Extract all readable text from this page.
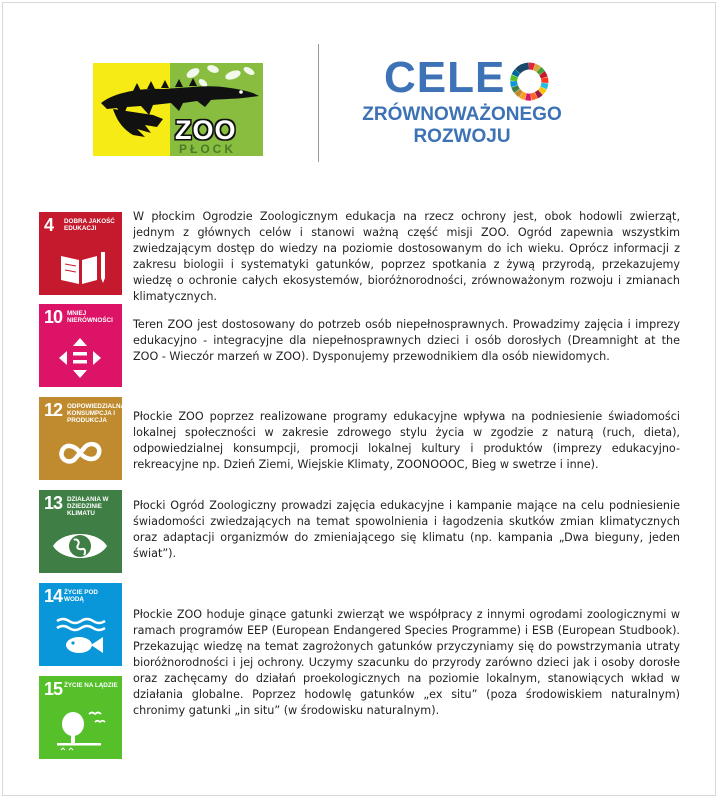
ZOO
PŁOCK
CELE
ZRÓWNOWAŻONEGO
ROZWOJU
4 DOBRA JAKOŚĆ EDUKACJI
10 MNIEJ NIERÓWNOŚCI
12 ODPOWIEDZIALNA KONSUMPCJA I PRODUKCJA
13 DZIAŁANIA W DZIEDZINIE KLIMATU
14 ŻYCIE POD WODĄ
15 ŻYCIE NA LĄDZIE

W płockim Ogrodzie Zoologicznym edukacja na rzecz ochrony jest, obok hodowli zwierząt, jednym z głównych celów i stanowi ważną część misji ZOO. Ogród zapewnia wszystkim zwiedzającym dostęp do wiedzy na poziomie dostosowanym do ich wieku. Oprócz informacji z zakresu biologii i systematyki gatunków, poprzez spotkania z żywą przyrodą, przekazujemy wiedzę o ochronie całych ekosystemów, bioróżnorodności, zrównoważonym rozwoju i zmianach klimatycznych.

Teren ZOO jest dostosowany do potrzeb osób niepełnosprawnych. Prowadzimy zajęcia i imprezy edukacyjno - integracyjne dla niepełnosprawnych dzieci i osób dorosłych (Dreamnight at the ZOO - Wieczór marzeń w ZOO). Dysponujemy przewodnikiem dla osób niewidomych.

Płockie ZOO poprzez realizowane programy edukacyjne wpływa na podniesienie świadomości lokalnej społeczności w zakresie zdrowego stylu życia w zgodzie z naturą (ruch, dieta), odpowiedzialnej konsumpcji, promocji lokalnej kultury i produktów (imprezy edukacyjno-rekreacyjne np. Dzień Ziemi, Wiejskie Klimaty, ZOONOOOC, Bieg w swetrze i inne).

Płocki Ogród Zoologiczny prowadzi zajęcia edukacyjne i kampanie mające na celu podniesienie świadomości zwiedzających na temat spowolnienia i łagodzenia skutków zmian klimatycznych oraz adaptacji organizmów do zmieniającego się klimatu (np. kampania „Dwa bieguny, jeden świat”).

Płockie ZOO hoduje ginące gatunki zwierząt we współpracy z innymi ogrodami zoologicznymi w ramach programów EEP (European Endangered Species Programme) i ESB (European Studbook). Przekazując wiedzę na temat zagrożonych gatunków przyczyniamy się do powstrzymania utraty bioróżnorodności i jej ochrony. Uczymy szacunku do przyrody zarówno dzieci jak i osoby dorosłe oraz zachęcamy do działań proekologicznych na poziomie lokalnym, stanowiących wkład w działania globalne. Poprzez hodowlę gatunków „ex situ” (poza środowiskiem naturalnym) chronimy gatunki „in situ” (w środowisku naturalnym).
